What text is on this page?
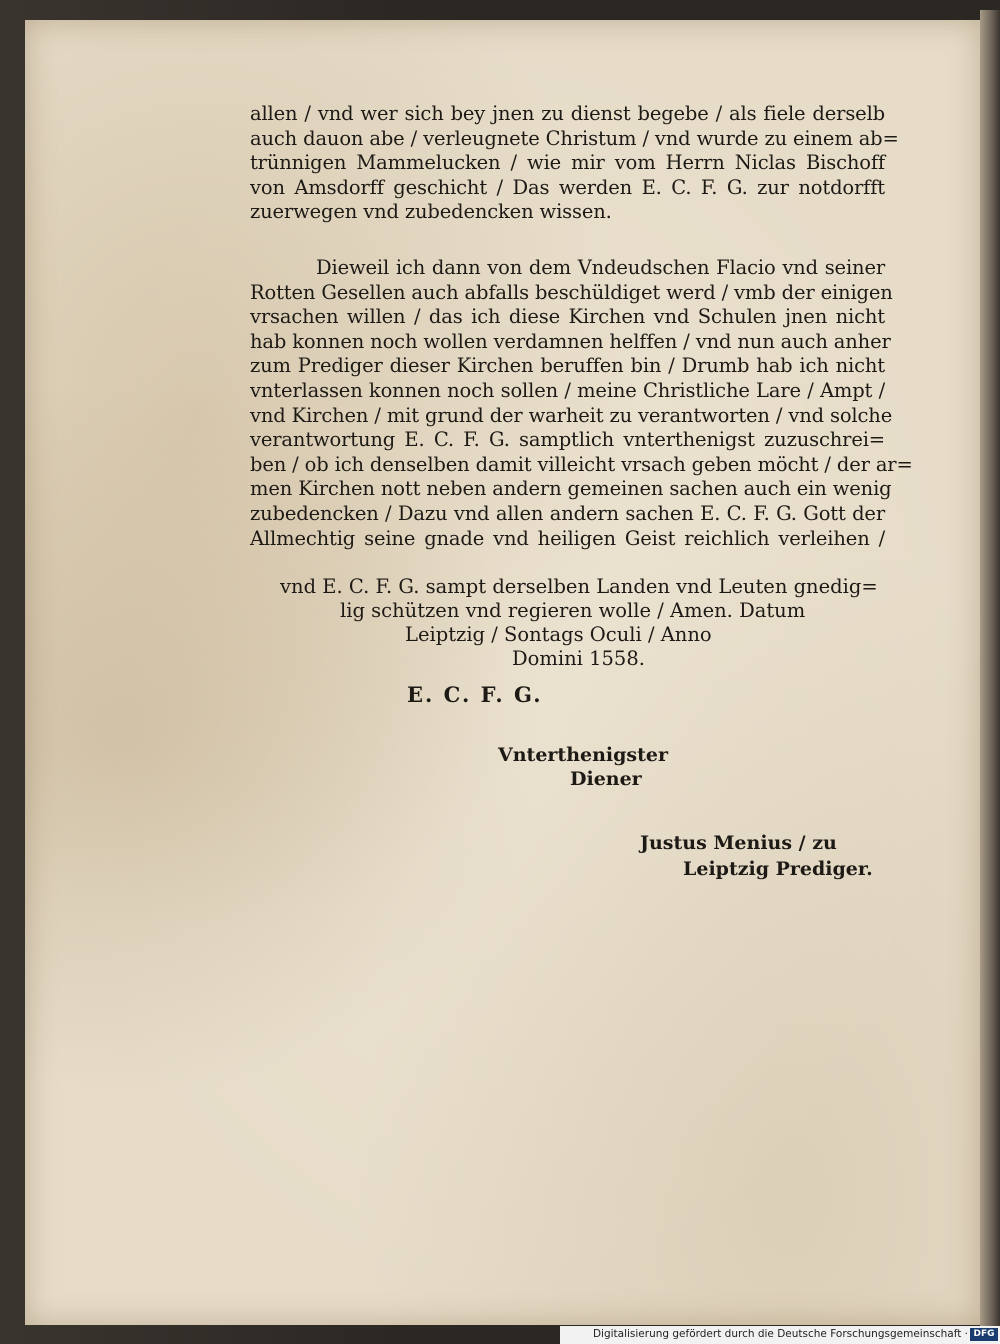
allen / vnd wer sich bey jnen zu dienst begebe / als fiele derselb
auch dauon abe / verleugnete Christum / vnd wurde zu einem ab=
trünnigen Mammelucken / wie mir vom Herrn Niclas Bischoff
von Amsdorff geschicht / Das werden E. C. F. G. zur notdorfft
zuerwegen vnd zubedencken wissen.
Dieweil ich dann von dem Vndeudschen Flacio vnd seiner
Rotten Gesellen auch abfalls beschüldiget werd / vmb der einigen
vrsachen willen / das ich diese Kirchen vnd Schulen jnen nicht
hab konnen noch wollen verdamnen helffen / vnd nun auch anher
zum Prediger dieser Kirchen beruffen bin / Drumb hab ich nicht
vnterlassen konnen noch sollen / meine Christliche Lare / Ampt /
vnd Kirchen / mit grund der warheit zu verantworten / vnd solche
verantwortung E. C. F. G. samptlich vnterthenigst zuzuschrei=
ben / ob ich denselben damit villeicht vrsach geben möcht / der ar=
men Kirchen nott neben andern gemeinen sachen auch ein wenig
zubedencken / Dazu vnd allen andern sachen E. C. F. G. Gott der
Allmechtig seine gnade vnd heiligen Geist reichlich verleihen /
vnd E. C. F. G. sampt derselben Landen vnd Leuten gnedig=
lig schützen vnd regieren wolle / Amen. Datum
Leiptzig / Sontags Oculi / Anno
Domini 1558.
E. C. F. G.
Vnterthenigster
Diener
Justus Menius / zu
Leiptzig Prediger.
Digitalisierung gefördert durch die Deutsche Forschungsgemeinschaft · DFG
